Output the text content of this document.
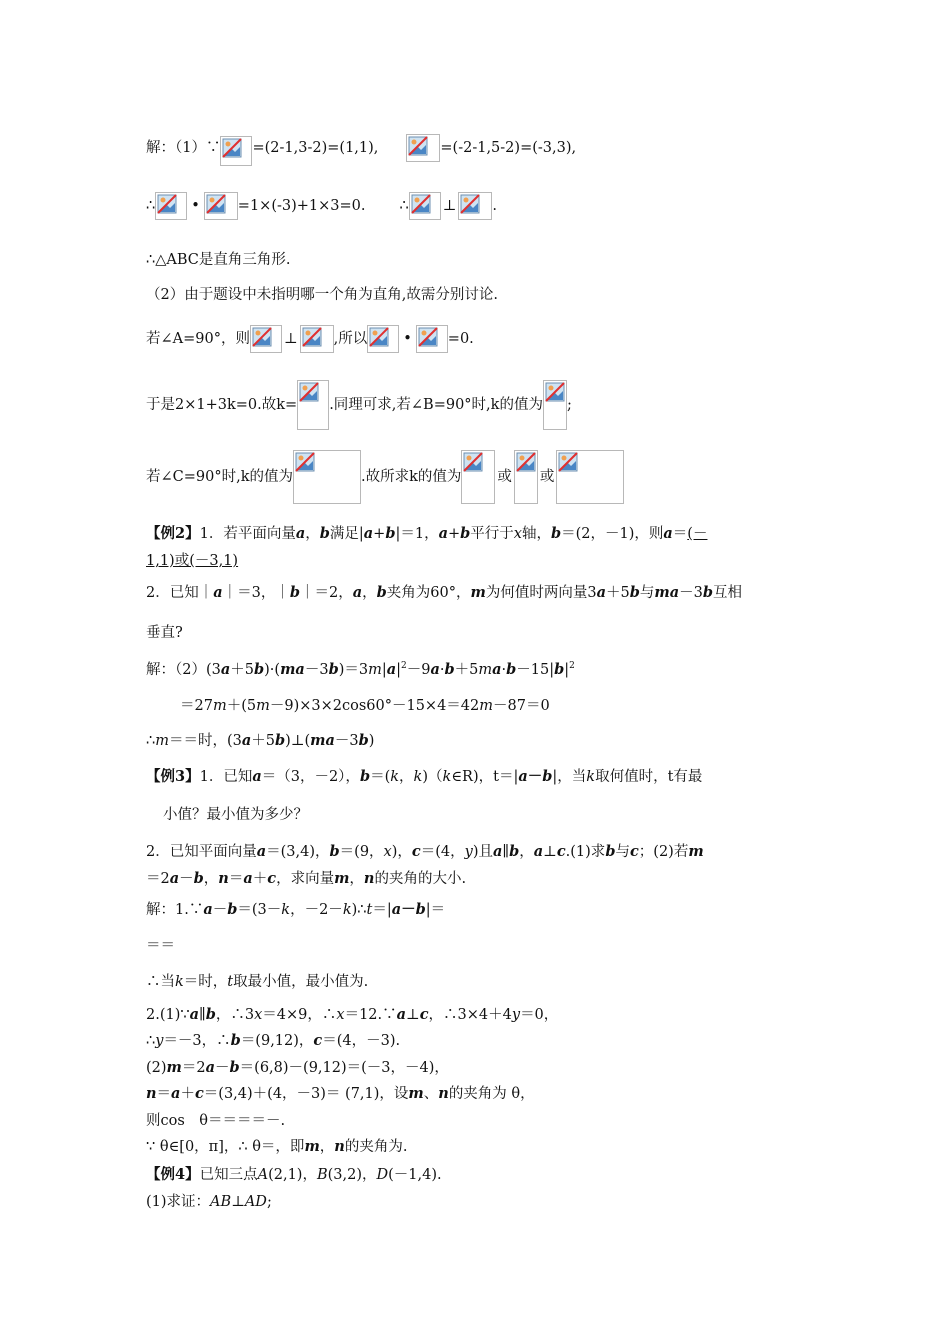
解：（1）∵ =(2-1,3-2)=(1,1),	=(-2-1,5-2)=(-3,3),
∴ •	=1×(-3)+1×3=0. ∴ ⊥ .
∴△ABC是直角三角形.
（2）由于题设中未指明哪一个角为直角,故需分别讨论.
若∠A=90°，则 ⊥ ,所以 • =0.
于是2×1+3k=0.故k= .同理可求,若∠B=90°时,k的值为 ;
若∠C=90°时,k的值为	.故所求k的值为 或 或
【例2】1．若平面向量a，b满足|a+b|＝1，a+b平行于x轴，b＝(2，－1)，则a＝(－
1,1)或(－3,1)
2．已知｜a｜＝3，｜b｜＝2，a，b夹角为60°，m为何值时两向量3a＋5b与ma－3b互相
垂直?
解：$(2)(3a+5b)\cdot(ma-3b)=3m|a|^2-9a\cdot b+5ma\cdot b-15|b|^2$
＝27m＋(5m－9)×3×2cos60°－15×4＝42m－87＝0
∴m＝＝时，(3a＋5b)⊥(ma－3b)
【例3】1．已知a＝（3，－2），b＝(k，k)（k∈R)，t＝|a－b|，当k取何值时，t有最
小值？最小值为多少？
2．已知平面向量a＝(3,4)，b＝(9，x)，c＝(4，y)且a∥b，a⊥c.(1)求b与c；(2)若m
＝2a－b，n＝a＋c，求向量m，n的夹角的大小.
解：1.∵a－b＝(3－k，－2－k)∴t＝|a－b|＝
＝＝
∴当k＝时，t取最小值，最小值为.
2.(1)∵a∥b，∴3x＝4×9，∴x＝12.∵a⊥c，∴3×4＋4y＝0，
∴y＝－3，∴b＝(9,12)，c＝(4，－3).
(2)m＝2a－b＝(6,8)－(9,12)＝(－3，－4)，
n＝a＋c＝(3,4)＋(4，－3)＝ (7,1)，设m、n的夹角为 θ，
则cos　θ＝＝＝＝－.
∵ θ∈[0，π]，∴ θ＝，即m，n的夹角为.
【例4】已知三点A(2,1)，B(3,2)，D(－1,4).
(1)求证：AB⊥AD;
